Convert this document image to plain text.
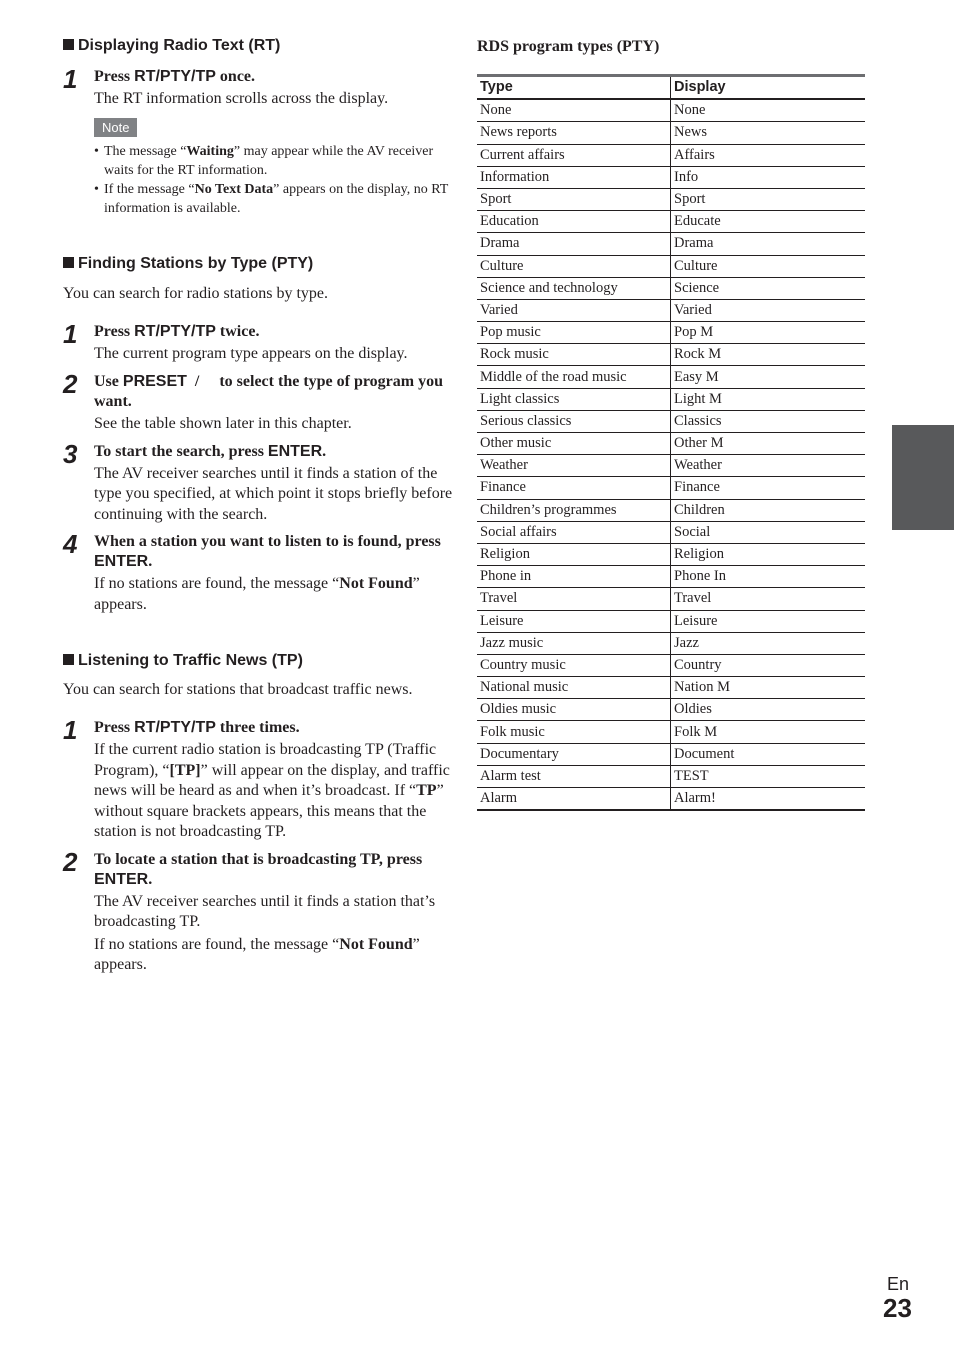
Displaying Radio Text (RT)
1 Press RT/PTY/TP once.

The RT information scrolls across the display.

Note
• The message “Waiting” may appear while the AV receiver waits for the RT information.
• If the message “No Text Data” appears on the display, no RT information is available.
Finding Stations by Type (PTY)

You can search for radio stations by type.

1 Press RT/PTY/TP twice.

The current program type appears on the display.

2 Use PRESET  /     to select the type of program you want.

See the table shown later in this chapter.

3 To start the search, press ENTER.

The AV receiver searches until it finds a station of the type you specified, at which point it stops briefly before continuing with the search.

4 When a station you want to listen to is found, press ENTER.

If no stations are found, the message “Not Found” appears.

Listening to Traffic News (TP)

You can search for stations that broadcast traffic news.

1 Press RT/PTY/TP three times.

If the current radio station is broadcasting TP (Traffic Program), “[TP]” will appear on the display, and traffic news will be heard as and when it’s broadcast. If “TP” without square brackets appears, this means that the station is not broadcasting TP.

2 To locate a station that is broadcasting TP, press ENTER.

The AV receiver searches until it finds a station that’s broadcasting TP.

If no stations are found, the message “Not Found” appears.

RDS program types (PTY)

Type	Display
None	None
News reports	News
Current affairs	Affairs
Information	Info
Sport	Sport
Education	Educate
Drama	Drama
Culture	Culture
Science and technology	Science
Varied	Varied
Pop music	Pop M
Rock music	Rock M
Middle of the road music	Easy M
Light classics	Light M
Serious classics	Classics
Other music	Other M
Weather	Weather
Finance	Finance
Children’s programmes	Children
Social affairs	Social
Religion	Religion
Phone in	Phone In
Travel	Travel
Leisure	Leisure
Jazz music	Jazz
Country music	Country
National music	Nation M
Oldies music	Oldies
Folk music	Folk M
Documentary	Document
Alarm test	TEST
Alarm	Alarm!
En
23
